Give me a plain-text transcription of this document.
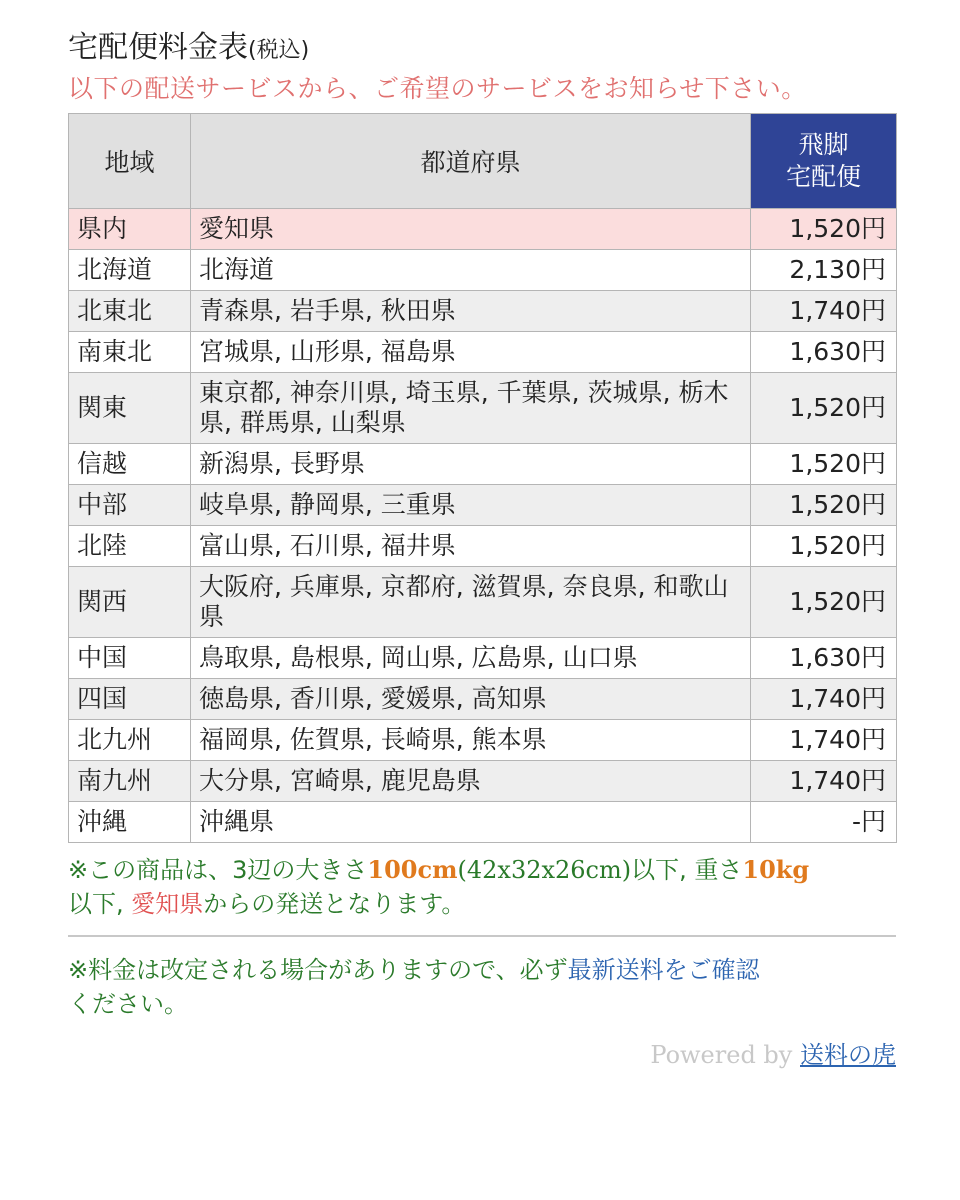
宅配便料金表(税込)
以下の配送サービスから、ご希望のサービスをお知らせ下さい。
地域	都道府県	飛脚
宅配便

県内	愛知県	1,520円
北海道	北海道	2,130円
北東北	青森県, 岩手県, 秋田県	1,740円
南東北	宮城県, 山形県, 福島県	1,630円
関東	東京都, 神奈川県, 埼玉県, 千葉県, 茨城県, 栃木県, 群馬県, 山梨県	1,520円
信越	新潟県, 長野県	1,520円
中部	岐阜県, 静岡県, 三重県	1,520円
北陸	富山県, 石川県, 福井県	1,520円
関西	大阪府, 兵庫県, 京都府, 滋賀県, 奈良県, 和歌山県	1,520円
中国	鳥取県, 島根県, 岡山県, 広島県, 山口県	1,630円
四国	徳島県, 香川県, 愛媛県, 高知県	1,740円
北九州	福岡県, 佐賀県, 長崎県, 熊本県	1,740円
南九州	大分県, 宮崎県, 鹿児島県	1,740円
沖縄	沖縄県	-円
※この商品は、3辺の大きさ100cm(42x32x26cm)以下, 重さ10kg
以下, 愛知県からの発送となります。
※料金は改定される場合がありますので、必ず最新送料をご確認
ください。
Powered by 送料の虎
